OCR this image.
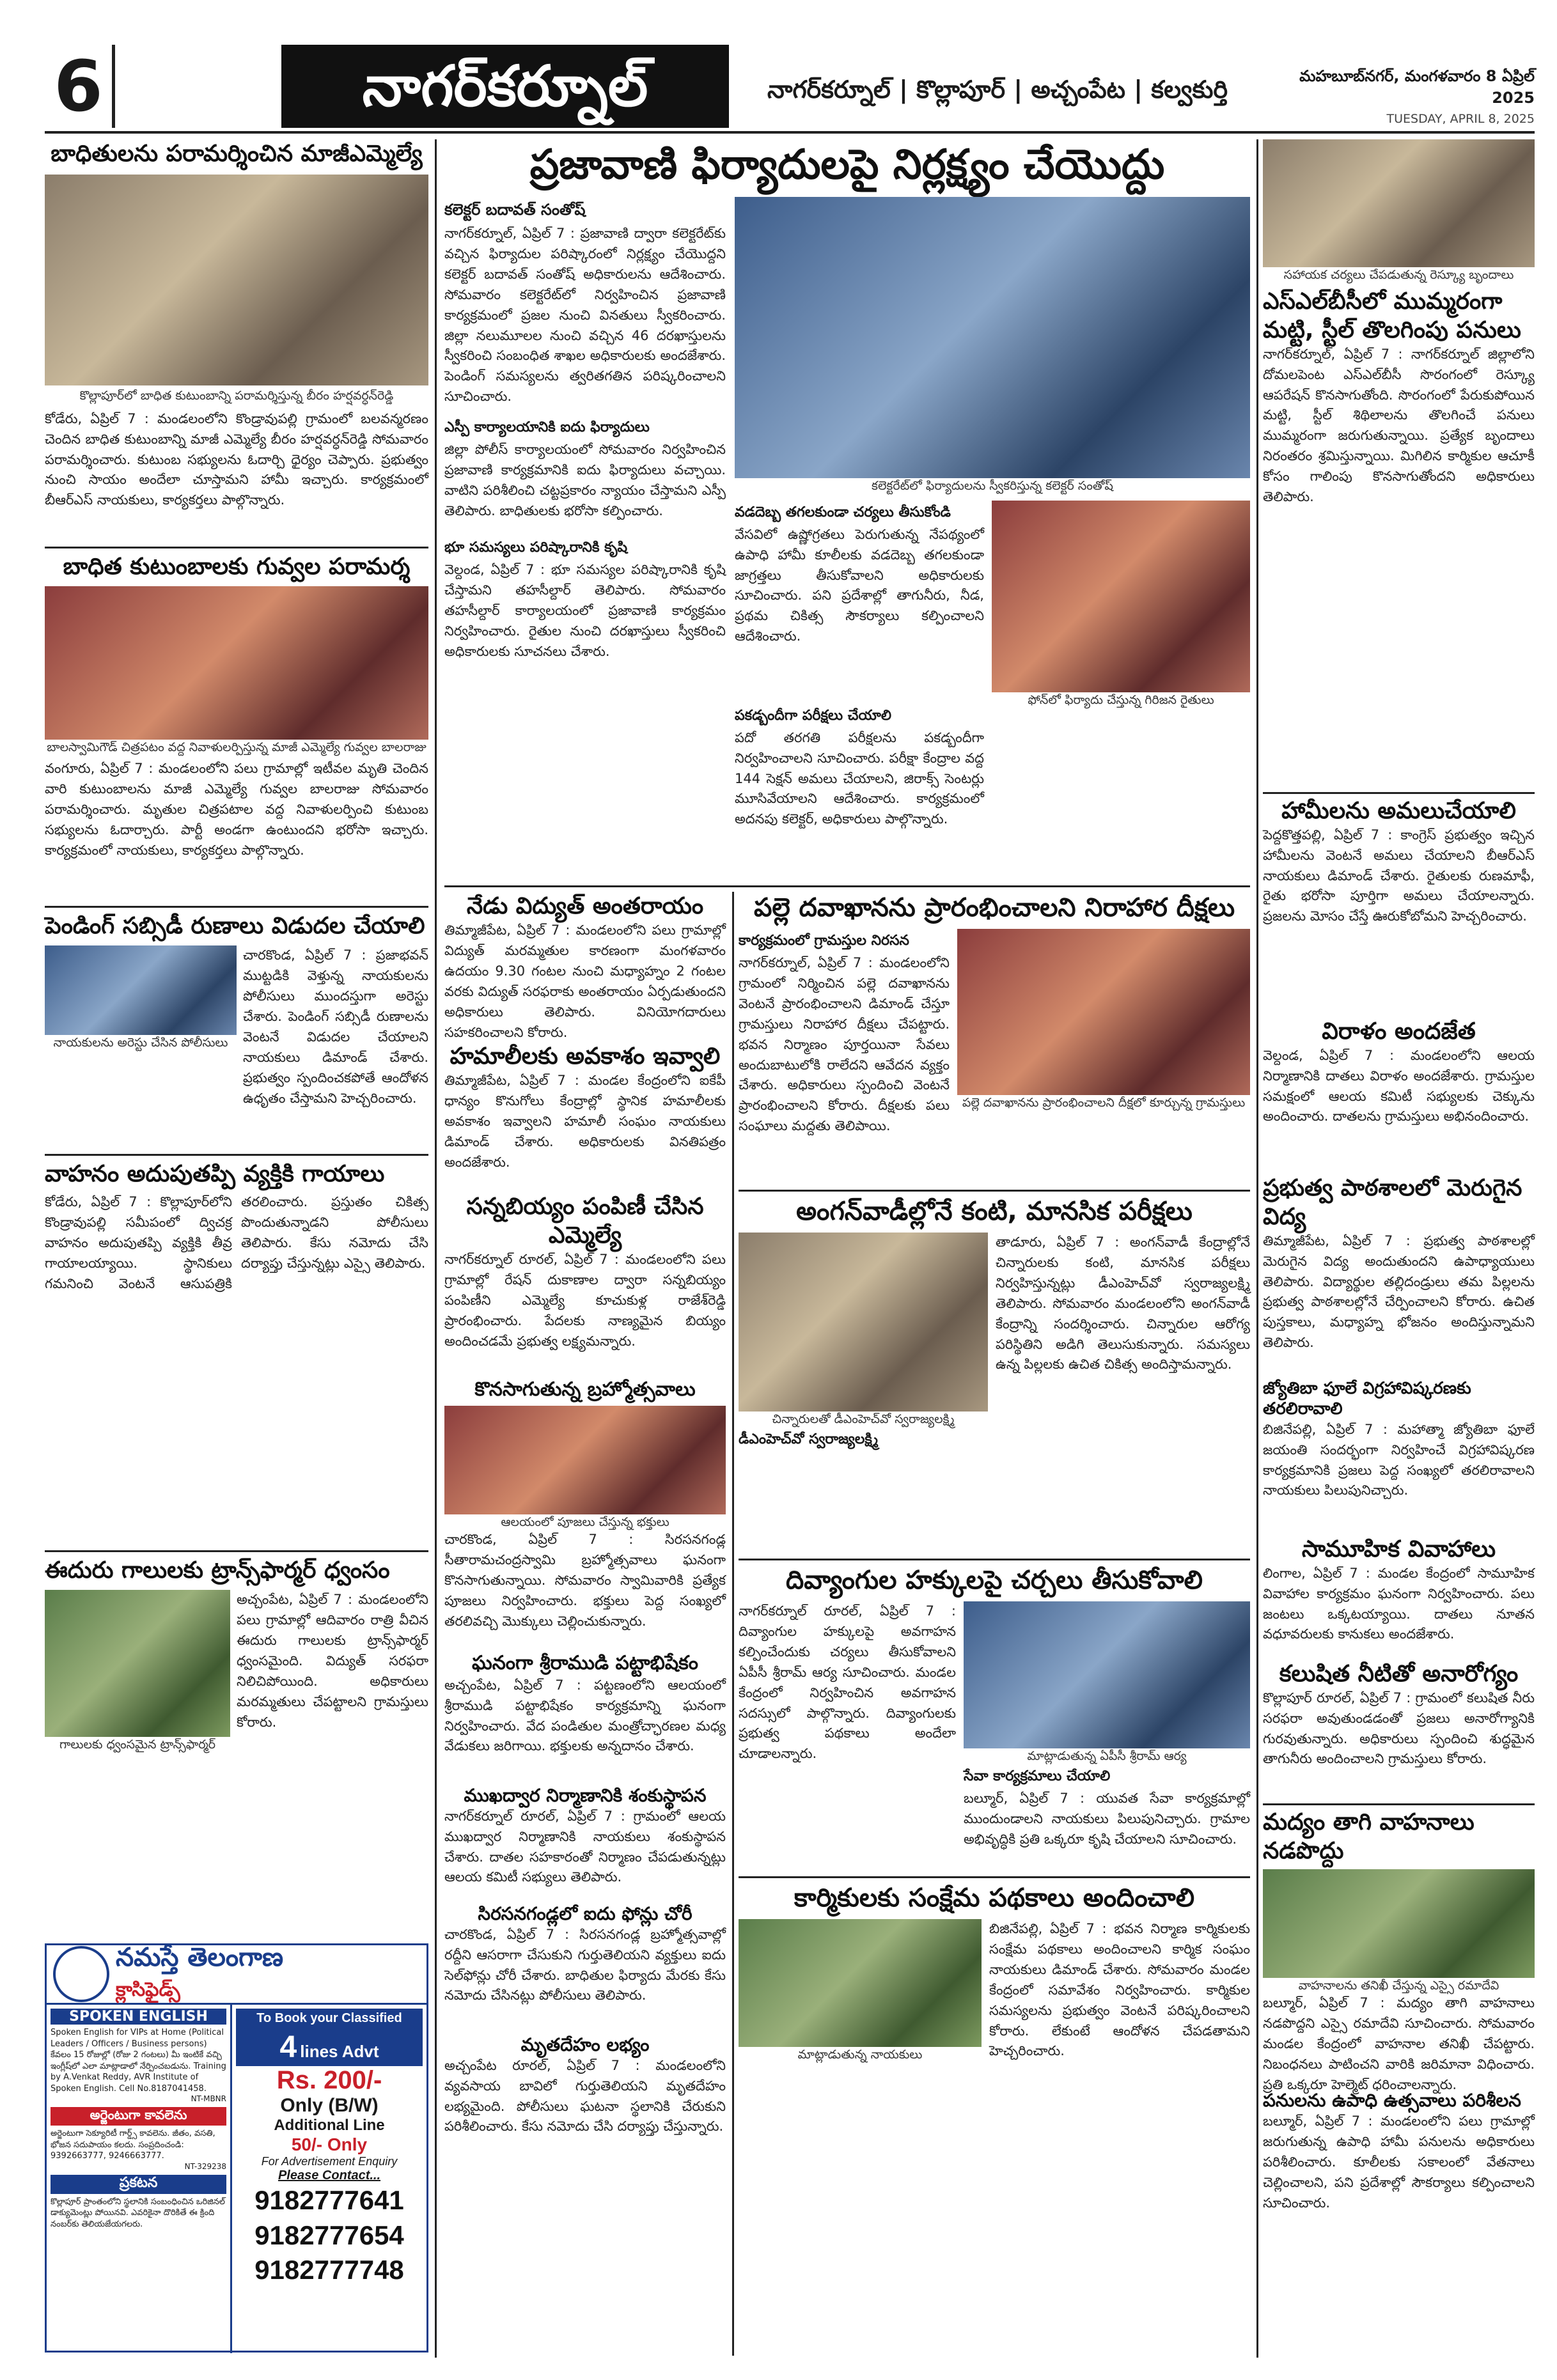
6	నాగర్‌కర్నూల్	నాగర్‌కర్నూల్ | కొల్లాపూర్ | అచ్చంపేట | కల్వకుర్తి	మహబూబ్‌నగర్, మంగళవారం 8 ఏప్రిల్ 2025
TUESDAY, APRIL 8, 2025
బాధితులను పరామర్శించిన మాజీఎమ్మెల్యే
కొల్లాపూర్‌లో బాధిత కుటుంబాన్ని పరామర్శిస్తున్న బీరం హర్షవర్ధన్‌రెడ్డి
కోడేరు, ఏప్రిల్ 7 : మండలంలోని కొండ్రావుపల్లి గ్రామంలో బలవన్మరణం చెందిన బాధిత కుటుంబాన్ని మాజీ ఎమ్మెల్యే బీరం హర్షవర్ధన్‌రెడ్డి సోమవారం పరామర్శించారు. కుటుంబ సభ్యులను ఓదార్చి ధైర్యం చెప్పారు. ప్రభుత్వం నుంచి సాయం అందేలా చూస్తామని హామీ ఇచ్చారు. కార్యక్రమంలో బీఆర్‌ఎస్ నాయకులు, కార్యకర్తలు పాల్గొన్నారు.
బాధిత కుటుంబాలకు గువ్వల పరామర్శ
బాలస్వామిగౌడ్ చిత్రపటం వద్ద నివాళులర్పిస్తున్న మాజీ ఎమ్మెల్యే గువ్వల బాలరాజు
వంగూరు, ఏప్రిల్ 7 : మండలంలోని పలు గ్రామాల్లో ఇటీవల మృతి చెందిన వారి కుటుంబాలను మాజీ ఎమ్మెల్యే గువ్వల బాలరాజు సోమవారం పరామర్శించారు. మృతుల చిత్రపటాల వద్ద నివాళులర్పించి కుటుంబ సభ్యులను ఓదార్చారు. పార్టీ అండగా ఉంటుందని భరోసా ఇచ్చారు. కార్యక్రమంలో నాయకులు, కార్యకర్తలు పాల్గొన్నారు.
పెండింగ్ సబ్సిడీ రుణాలు విడుదల చేయాలి
నాయకులను అరెస్టు చేసిన పోలీసులు
చారకొండ, ఏప్రిల్ 7 : ప్రజాభవన్ ముట్టడికి వెళ్తున్న నాయకులను పోలీసులు ముందస్తుగా అరెస్టు చేశారు. పెండింగ్ సబ్సిడీ రుణాలను వెంటనే విడుదల చేయాలని నాయకులు డిమాండ్ చేశారు. ప్రభుత్వం స్పందించకపోతే ఆందోళన ఉధృతం చేస్తామని హెచ్చరించారు.
వాహనం అదుపుతప్పి వ్యక్తికి గాయాలు
కోడేరు, ఏప్రిల్ 7 : కొల్లాపూర్‌లోని కొండ్రావుపల్లి సమీపంలో ద్విచక్ర వాహనం అదుపుతప్పి వ్యక్తికి తీవ్ర గాయాలయ్యాయి. స్థానికులు గమనించి వెంటనే ఆసుపత్రికి తరలించారు. ప్రస్తుతం చికిత్స పొందుతున్నాడని పోలీసులు తెలిపారు. కేసు నమోదు చేసి దర్యాప్తు చేస్తున్నట్లు ఎస్సై తెలిపారు.
ఈదురు గాలులకు ట్రాన్స్‌ఫార్మర్ ధ్వంసం
గాలులకు ధ్వంసమైన ట్రాన్స్‌ఫార్మర్
అచ్చంపేట, ఏప్రిల్ 7 : మండలంలోని పలు గ్రామాల్లో ఆదివారం రాత్రి వీచిన ఈదురు గాలులకు ట్రాన్స్‌ఫార్మర్ ధ్వంసమైంది. విద్యుత్ సరఫరా నిలిచిపోయింది. అధికారులు మరమ్మతులు చేపట్టాలని గ్రామస్తులు కోరారు.
నమస్తే తెలంగాణ
క్లాసిఫైడ్స్
SPOKEN ENGLISH
Spoken English for VIPs at Home (Political Leaders / Officers / Business persons) కేవలం 15 రోజుల్లో (రోజు 2 గంటలు) మీ ఇంటికే వచ్చి ఇంగ్లీష్‌లో ఎలా మాట్లాడాలో నేర్పించబడును. Training by A.Venkat Reddy, AVR Institute of Spoken English. Cell No.8187041458.
NT-MBNR
అర్జెంటుగా కావలెను
అర్జెంటుగా సెక్యూరిటీ గార్డ్స్ కావలెను. జీతం, వసతి, భోజన సదుపాయం కలదు. సంప్రదించండి: 9392663777, 9246663777.
NT-329238
ప్రకటన
కొల్లాపూర్ ప్రాంతంలోని స్థలానికి సంబంధించిన ఒరిజినల్ డాక్యుమెంట్లు పోయినవి. ఎవరికైనా దొరికితే ఈ క్రింది నంబర్‌కు తెలియజేయగలరు.
To Book your Classified
4 lines Advt
Rs. 200/-
Only (B/W)
Additional Line
50/- Only
For Advertisement Enquiry
Please Contact...
9182777641
9182777654
9182777748
ప్రజావాణి ఫిర్యాదులపై నిర్లక్ష్యం చేయొద్దు
కలెక్టర్ బదావత్ సంతోష్
నాగర్‌కర్నూల్, ఏప్రిల్ 7 : ప్రజావాణి ద్వారా కలెక్టరేట్‌కు వచ్చిన ఫిర్యాదుల పరిష్కారంలో నిర్లక్ష్యం చేయొద్దని కలెక్టర్ బదావత్ సంతోష్ అధికారులను ఆదేశించారు. సోమవారం కలెక్టరేట్‌లో నిర్వహించిన ప్రజావాణి కార్యక్రమంలో ప్రజల నుంచి వినతులు స్వీకరించారు. జిల్లా నలుమూలల నుంచి వచ్చిన 46 దరఖాస్తులను స్వీకరించి సంబంధిత శాఖల అధికారులకు అందజేశారు. పెండింగ్ సమస్యలను త్వరితగతిన పరిష్కరించాలని సూచించారు.
ఎస్పీ కార్యాలయానికి ఐదు ఫిర్యాదులు
జిల్లా పోలీస్ కార్యాలయంలో సోమవారం నిర్వహించిన ప్రజావాణి కార్యక్రమానికి ఐదు ఫిర్యాదులు వచ్చాయి. వాటిని పరిశీలించి చట్టప్రకారం న్యాయం చేస్తామని ఎస్పీ తెలిపారు. బాధితులకు భరోసా కల్పించారు.
భూ సమస్యలు పరిష్కారానికి కృషి
వెల్దండ, ఏప్రిల్ 7 : భూ సమస్యల పరిష్కారానికి కృషి చేస్తామని తహసీల్దార్ తెలిపారు. సోమవారం తహసీల్దార్ కార్యాలయంలో ప్రజావాణి కార్యక్రమం నిర్వహించారు. రైతుల నుంచి దరఖాస్తులు స్వీకరించి అధికారులకు సూచనలు చేశారు.
కలెక్టరేట్‌లో ఫిర్యాదులను స్వీకరిస్తున్న కలెక్టర్ సంతోష్
వడదెబ్బ తగలకుండా చర్యలు తీసుకోండి
వేసవిలో ఉష్ణోగ్రతలు పెరుగుతున్న నేపథ్యంలో ఉపాధి హామీ కూలీలకు వడదెబ్బ తగలకుండా జాగ్రత్తలు తీసుకోవాలని అధికారులకు సూచించారు. పని ప్రదేశాల్లో తాగునీరు, నీడ, ప్రథమ చికిత్స సౌకర్యాలు కల్పించాలని ఆదేశించారు.
పకడ్బందీగా పరీక్షలు చేయాలి
పదో తరగతి పరీక్షలను పకడ్బందీగా నిర్వహించాలని సూచించారు. పరీక్షా కేంద్రాల వద్ద 144 సెక్షన్ అమలు చేయాలని, జిరాక్స్ సెంటర్లు మూసివేయాలని ఆదేశించారు. కార్యక్రమంలో అదనపు కలెక్టర్, అధికారులు పాల్గొన్నారు.
ఫోన్‌లో ఫిర్యాదు చేస్తున్న గిరిజన రైతులు
సహాయక చర్యలు చేపడుతున్న రెస్క్యూ బృందాలు
ఎస్ఎల్‌బీసీలో ముమ్మరంగా మట్టి, స్టీల్ తొలగింపు పనులు
నాగర్‌కర్నూల్, ఏప్రిల్ 7 : నాగర్‌కర్నూల్ జిల్లాలోని దోమలపెంట ఎస్ఎల్‌బీసీ సొరంగంలో రెస్క్యూ ఆపరేషన్ కొనసాగుతోంది. సొరంగంలో పేరుకుపోయిన మట్టి, స్టీల్ శిథిలాలను తొలగించే పనులు ముమ్మరంగా జరుగుతున్నాయి. ప్రత్యేక బృందాలు నిరంతరం శ్రమిస్తున్నాయి. మిగిలిన కార్మికుల ఆచూకీ కోసం గాలింపు కొనసాగుతోందని అధికారులు తెలిపారు.
హామీలను అమలుచేయాలి
పెద్దకొత్తపల్లి, ఏప్రిల్ 7 : కాంగ్రెస్ ప్రభుత్వం ఇచ్చిన హామీలను వెంటనే అమలు చేయాలని బీఆర్‌ఎస్ నాయకులు డిమాండ్ చేశారు. రైతులకు రుణమాఫీ, రైతు భరోసా పూర్తిగా అమలు చేయాలన్నారు. ప్రజలను మోసం చేస్తే ఊరుకోబోమని హెచ్చరించారు.
విరాళం అందజేత
వెల్దండ, ఏప్రిల్ 7 : మండలంలోని ఆలయ నిర్మాణానికి దాతలు విరాళం అందజేశారు. గ్రామస్తుల సమక్షంలో ఆలయ కమిటీ సభ్యులకు చెక్కును అందించారు. దాతలను గ్రామస్తులు అభినందించారు.
ప్రభుత్వ పాఠశాలలో మెరుగైన విద్య
తిమ్మాజీపేట, ఏప్రిల్ 7 : ప్రభుత్వ పాఠశాలల్లో మెరుగైన విద్య అందుతుందని ఉపాధ్యాయులు తెలిపారు. విద్యార్థుల తల్లిదండ్రులు తమ పిల్లలను ప్రభుత్వ పాఠశాలల్లోనే చేర్పించాలని కోరారు. ఉచిత పుస్తకాలు, మధ్యాహ్న భోజనం అందిస్తున్నామని తెలిపారు.
జ్యోతిబా ఫూలే విగ్రహావిష్కరణకు తరలిరావాలి
బిజినేపల్లి, ఏప్రిల్ 7 : మహాత్మా జ్యోతిబా ఫూలే జయంతి సందర్భంగా నిర్వహించే విగ్రహావిష్కరణ కార్యక్రమానికి ప్రజలు పెద్ద సంఖ్యలో తరలిరావాలని నాయకులు పిలుపునిచ్చారు.
సామూహిక వివాహాలు
లింగాల, ఏప్రిల్ 7 : మండల కేంద్రంలో సామూహిక వివాహాల కార్యక్రమం ఘనంగా నిర్వహించారు. పలు జంటలు ఒక్కటయ్యాయి. దాతలు నూతన వధూవరులకు కానుకలు అందజేశారు.
కలుషిత నీటితో అనారోగ్యం
కొల్లాపూర్ రూరల్, ఏప్రిల్ 7 : గ్రామంలో కలుషిత నీరు సరఫరా అవుతుండడంతో ప్రజలు అనారోగ్యానికి గురవుతున్నారు. అధికారులు స్పందించి శుద్ధమైన తాగునీరు అందించాలని గ్రామస్తులు కోరారు.
మద్యం తాగి వాహనాలు నడపొద్దు
వాహనాలను తనిఖీ చేస్తున్న ఎస్సై రమాదేవి
బల్మూర్, ఏప్రిల్ 7 : మద్యం తాగి వాహనాలు నడపొద్దని ఎస్సై రమాదేవి సూచించారు. సోమవారం మండల కేంద్రంలో వాహనాల తనిఖీ చేపట్టారు. నిబంధనలు పాటించని వారికి జరిమానా విధించారు. ప్రతి ఒక్కరూ హెల్మెట్ ధరించాలన్నారు.
పనులను ఉపాధి ఉత్సవాలు పరిశీలన
బల్మూర్, ఏప్రిల్ 7 : మండలంలోని పలు గ్రామాల్లో జరుగుతున్న ఉపాధి హామీ పనులను అధికారులు పరిశీలించారు. కూలీలకు సకాలంలో వేతనాలు చెల్లించాలని, పని ప్రదేశాల్లో సౌకర్యాలు కల్పించాలని సూచించారు.
నేడు విద్యుత్ అంతరాయం
తిమ్మాజీపేట, ఏప్రిల్ 7 : మండలంలోని పలు గ్రామాల్లో విద్యుత్ మరమ్మతుల కారణంగా మంగళవారం ఉదయం 9.30 గంటల నుంచి మధ్యాహ్నం 2 గంటల వరకు విద్యుత్ సరఫరాకు అంతరాయం ఏర్పడుతుందని అధికారులు తెలిపారు. వినియోగదారులు సహకరించాలని కోరారు.
హమాలీలకు అవకాశం ఇవ్వాలి
తిమ్మాజీపేట, ఏప్రిల్ 7 : మండల కేంద్రంలోని ఐకేపీ ధాన్యం కొనుగోలు కేంద్రాల్లో స్థానిక హమాలీలకు అవకాశం ఇవ్వాలని హమాలీ సంఘం నాయకులు డిమాండ్ చేశారు. అధికారులకు వినతిపత్రం అందజేశారు.
సన్నబియ్యం పంపిణీ చేసిన ఎమ్మెల్యే
నాగర్‌కర్నూల్ రూరల్, ఏప్రిల్ 7 : మండలంలోని పలు గ్రామాల్లో రేషన్ దుకాణాల ద్వారా సన్నబియ్యం పంపిణీని ఎమ్మెల్యే కూచుకుళ్ల రాజేశ్‌రెడ్డి ప్రారంభించారు. పేదలకు నాణ్యమైన బియ్యం అందించడమే ప్రభుత్వ లక్ష్యమన్నారు.
కొనసాగుతున్న బ్రహ్మోత్సవాలు
ఆలయంలో పూజలు చేస్తున్న భక్తులు
చారకొండ, ఏప్రిల్ 7 : సిరసనగండ్ల సీతారామచంద్రస్వామి బ్రహ్మోత్సవాలు ఘనంగా కొనసాగుతున్నాయి. సోమవారం స్వామివారికి ప్రత్యేక పూజలు నిర్వహించారు. భక్తులు పెద్ద సంఖ్యలో తరలివచ్చి మొక్కులు చెల్లించుకున్నారు.
ఘనంగా శ్రీరాముడి పట్టాభిషేకం
అచ్చంపేట, ఏప్రిల్ 7 : పట్టణంలోని ఆలయంలో శ్రీరాముడి పట్టాభిషేకం కార్యక్రమాన్ని ఘనంగా నిర్వహించారు. వేద పండితుల మంత్రోచ్ఛారణల మధ్య వేడుకలు జరిగాయి. భక్తులకు అన్నదానం చేశారు.
ముఖద్వార నిర్మాణానికి శంకుస్థాపన
నాగర్‌కర్నూల్ రూరల్, ఏప్రిల్ 7 : గ్రామంలో ఆలయ ముఖద్వార నిర్మాణానికి నాయకులు శంకుస్థాపన చేశారు. దాతల సహకారంతో నిర్మాణం చేపడుతున్నట్లు ఆలయ కమిటీ సభ్యులు తెలిపారు.
సిరసనగండ్లలో ఐదు ఫోన్లు చోరీ
చారకొండ, ఏప్రిల్ 7 : సిరసనగండ్ల బ్రహ్మోత్సవాల్లో రద్దీని ఆసరాగా చేసుకుని గుర్తుతెలియని వ్యక్తులు ఐదు సెల్‌ఫోన్లు చోరీ చేశారు. బాధితుల ఫిర్యాదు మేరకు కేసు నమోదు చేసినట్లు పోలీసులు తెలిపారు.
మృతదేహం లభ్యం
అచ్చంపేట రూరల్, ఏప్రిల్ 7 : మండలంలోని వ్యవసాయ బావిలో గుర్తుతెలియని మృతదేహం లభ్యమైంది. పోలీసులు ఘటనా స్థలానికి చేరుకుని పరిశీలించారు. కేసు నమోదు చేసి దర్యాప్తు చేస్తున్నారు.
పల్లె దవాఖానను ప్రారంభించాలని నిరాహార దీక్షలు
కార్యక్రమంలో గ్రామస్తుల నిరసన
నాగర్‌కర్నూల్, ఏప్రిల్ 7 : మండలంలోని గ్రామంలో నిర్మించిన పల్లె దవాఖానను వెంటనే ప్రారంభించాలని డిమాండ్ చేస్తూ గ్రామస్తులు నిరాహార దీక్షలు చేపట్టారు. భవన నిర్మాణం పూర్తయినా సేవలు అందుబాటులోకి రాలేదని ఆవేదన వ్యక్తం చేశారు. అధికారులు స్పందించి వెంటనే ప్రారంభించాలని కోరారు. దీక్షలకు పలు సంఘాలు మద్దతు తెలిపాయి.
పల్లె దవాఖానను ప్రారంభించాలని దీక్షలో కూర్చున్న గ్రామస్తులు
అంగన్‌వాడీల్లోనే కంటి, మానసిక పరీక్షలు
చిన్నారులతో డీఎంహెచ్‌వో స్వరాజ్యలక్ష్మి
డీఎంహెచ్‌వో స్వరాజ్యలక్ష్మి
తాడూరు, ఏప్రిల్ 7 : అంగన్‌వాడీ కేంద్రాల్లోనే చిన్నారులకు కంటి, మానసిక పరీక్షలు నిర్వహిస్తున్నట్లు డీఎంహెచ్‌వో స్వరాజ్యలక్ష్మి తెలిపారు. సోమవారం మండలంలోని అంగన్‌వాడీ కేంద్రాన్ని సందర్శించారు. చిన్నారుల ఆరోగ్య పరిస్థితిని అడిగి తెలుసుకున్నారు. సమస్యలు ఉన్న పిల్లలకు ఉచిత చికిత్స అందిస్తామన్నారు.
దివ్యాంగుల హక్కులపై చర్చలు తీసుకోవాలి
నాగర్‌కర్నూల్ రూరల్, ఏప్రిల్ 7 : దివ్యాంగుల హక్కులపై అవగాహన కల్పించేందుకు చర్యలు తీసుకోవాలని ఏపీసీ శ్రీరామ్ ఆర్య సూచించారు. మండల కేంద్రంలో నిర్వహించిన అవగాహన సదస్సులో పాల్గొన్నారు. దివ్యాంగులకు ప్రభుత్వ పథకాలు అందేలా చూడాలన్నారు.	మాట్లాడుతున్న ఏపీసీ శ్రీరామ్ ఆర్య
సేవా కార్యక్రమాలు చేయాలి
బల్మూర్, ఏప్రిల్ 7 : యువత సేవా కార్యక్రమాల్లో ముందుండాలని నాయకులు పిలుపునిచ్చారు. గ్రామాల అభివృద్ధికి ప్రతి ఒక్కరూ కృషి చేయాలని సూచించారు.
కార్మికులకు సంక్షేమ పథకాలు అందించాలి
మాట్లాడుతున్న నాయకులు
బిజినేపల్లి, ఏప్రిల్ 7 : భవన నిర్మాణ కార్మికులకు సంక్షేమ పథకాలు అందించాలని కార్మిక సంఘం నాయకులు డిమాండ్ చేశారు. సోమవారం మండల కేంద్రంలో సమావేశం నిర్వహించారు. కార్మికుల సమస్యలను ప్రభుత్వం వెంటనే పరిష్కరించాలని కోరారు. లేకుంటే ఆందోళన చేపడతామని హెచ్చరించారు.
